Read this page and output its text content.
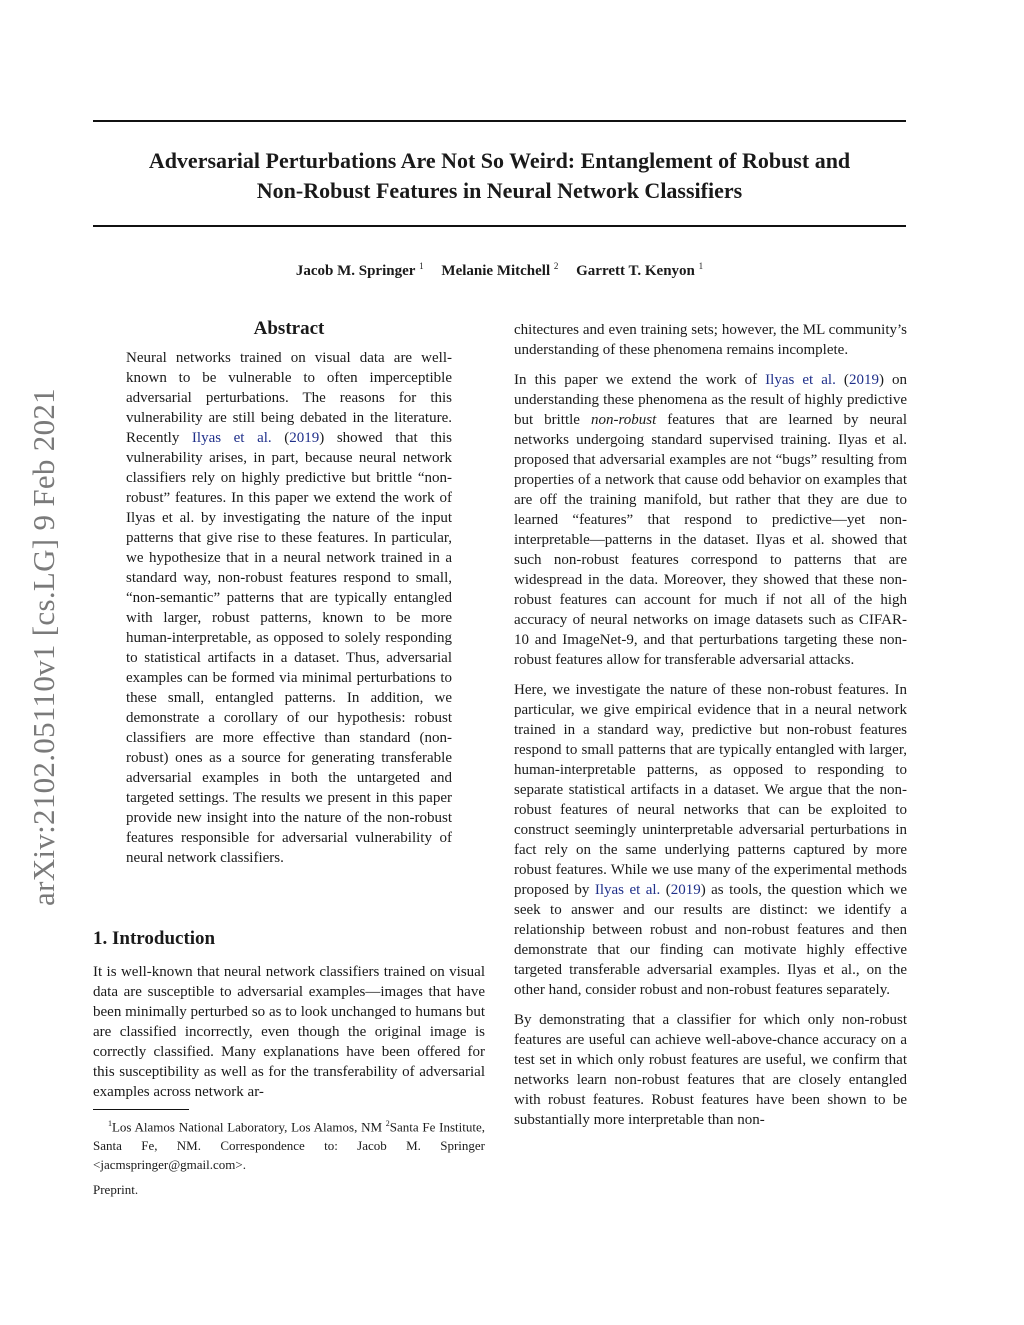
Adversarial Perturbations Are Not So Weird: Entanglement of Robust and
Non-Robust Features in Neural Network Classifiers
Jacob M. Springer $^1$ Melanie Mitchell $^2$ Garrett T. Kenyon $^1$
arXiv:2102.05110v1 [cs.LG] 9 Feb 2021
Abstract
Neural networks trained on visual data are well-known to be vulnerable to often imperceptible adversarial perturbations. The reasons for this vulnerability are still being debated in the literature. Recently Ilyas et al. (2019) showed that this vulnerability arises, in part, because neural network classifiers rely on highly predictive but brittle “non-robust” features. In this paper we extend the work of Ilyas et al. by investigating the nature of the input patterns that give rise to these features. In particular, we hypothesize that in a neural network trained in a standard way, non-robust features respond to small, “non-semantic” patterns that are typically entangled with larger, robust patterns, known to be more human-interpretable, as opposed to solely responding to statistical artifacts in a dataset. Thus, adversarial examples can be formed via minimal perturbations to these small, entangled patterns. In addition, we demonstrate a corollary of our hypothesis: robust classifiers are more effective than standard (non-robust) ones as a source for generating transferable adversarial examples in both the untargeted and targeted settings. The results we present in this paper provide new insight into the nature of the non-robust features responsible for adversarial vulnerability of neural network classifiers.
1. Introduction
It is well-known that neural network classifiers trained on visual data are susceptible to adversarial examples—images that have been minimally perturbed so as to look unchanged to humans but are classified incorrectly, even though the original image is correctly classified. Many explanations have been offered for this susceptibility as well as for the transferability of adversarial examples across network ar-
$^1$Los Alamos National Laboratory, Los Alamos, NM $^2$Santa Fe Institute, Santa Fe, NM. Correspondence to: Jacob M. Springer <jacmspringer@gmail.com>.
Preprint.

chitectures and even training sets; however, the ML community’s understanding of these phenomena remains incomplete.

In this paper we extend the work of Ilyas et al. (2019) on understanding these phenomena as the result of highly predictive but brittle non-robust features that are learned by neural networks undergoing standard supervised training. Ilyas et al. proposed that adversarial examples are not “bugs” resulting from properties of a network that cause odd behavior on examples that are off the training manifold, but rather that they are due to learned “features” that respond to predictive—yet non-interpretable—patterns in the dataset. Ilyas et al. showed that such non-robust features correspond to patterns that are widespread in the data. Moreover, they showed that these non-robust features can account for much if not all of the high accuracy of neural networks on image datasets such as CIFAR-10 and ImageNet-9, and that perturbations targeting these non-robust features allow for transferable adversarial attacks.

Here, we investigate the nature of these non-robust features. In particular, we give empirical evidence that in a neural network trained in a standard way, predictive but non-robust features respond to small patterns that are typically entangled with larger, human-interpretable patterns, as opposed to responding to separate statistical artifacts in a dataset. We argue that the non-robust features of neural networks that can be exploited to construct seemingly uninterpretable adversarial perturbations in fact rely on the same underlying patterns captured by more robust features. While we use many of the experimental methods proposed by Ilyas et al. (2019) as tools, the question which we seek to answer and our results are distinct: we identify a relationship between robust and non-robust features and then demonstrate that our finding can motivate highly effective targeted transferable adversarial examples. Ilyas et al., on the other hand, consider robust and non-robust features separately.

By demonstrating that a classifier for which only non-robust features are useful can achieve well-above-chance accuracy on a test set in which only robust features are useful, we confirm that networks learn non-robust features that are closely entangled with robust features. Robust features have been shown to be substantially more interpretable than non-
